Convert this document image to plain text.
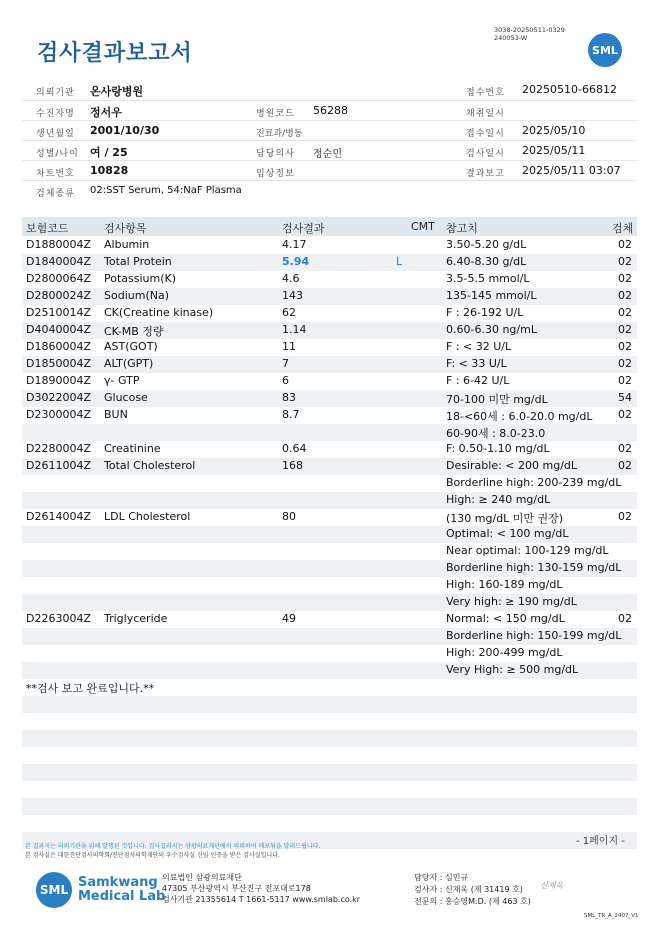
검사결과보고서
3038-20250511-0329
240053-W
SML
의뢰기관 온사랑병원	접수번호 20250510-66812
수진자명 정서우	병원코드 56288	채취일시
생년월일 2001/10/30	진료과/병동	접수일시 2025/05/10
성별/나이 여 / 25	담당의사 정순민	검사일시 2025/05/11
차트번호 10828	임상정보	결과보고 2025/05/11 03:07
검체종류 02:SST Serum, 54:NaF Plasma
보험코드	검사항목	검사결과	CMT 참고치	검체
D1880004Z Albumin	4.17	3.50-5.20 g/dL	02
D1840004Z Total Protein	5.94	L	6.40-8.30 g/dL	02
D2800064Z Potassium(K)	4.6	3.5-5.5 mmol/L	02
D2800024Z Sodium(Na)	143	135-145 mmol/L	02
D2510014Z CK(Creatine kinase)	62	F : 26-192 U/L	02
D4040004Z CK-MB 정량	1.14	0.60-6.30 ng/mL	02
D1860004Z AST(GOT)	11	F : < 32 U/L	02
D1850004Z ALT(GPT)	7	F: < 33 U/L	02
D1890004Z γ- GTP	6	F : 6-42 U/L	02
D3022004Z Glucose	83	70-100 미만 mg/dL	54
D2300004Z BUN	8.7	18-<60세 : 6.0-20.0 mg/dL 02
60-90세 : 8.0-23.0
D2280004Z Creatinine	0.64	F: 0.50-1.10 mg/dL	02
D2611004Z Total Cholesterol	168	Desirable: < 200 mg/dL	02
Borderline high: 200-239 mg/dL
High: ≥ 240 mg/dL
D2614004Z LDL Cholesterol	80	(130 mg/dL 미만 권장)	02
Optimal: < 100 mg/dL
Near optimal: 100-129 mg/dL
Borderline high: 130-159 mg/dL
High: 160-189 mg/dL
Very high: ≥ 190 mg/dL
D2263004Z Triglyceride	49	Normal: < 150 mg/dL	02
Borderline high: 150-199 mg/dL
High: 200-499 mg/dL
Very High: ≥ 500 mg/dL
**검사 보고 완료입니다.**
본 결과지는 의뢰기관을 위해 발행된 것입니다. 검사결과지는 삼광의료재단에서 의뢰하여 배포됨을 알려드립니다.
본 검사실은 대한진단검사의학회/진단검사의학재단의 우수검사실 신임 인증을 받은 검사실입니다.
- 1페이지 -
SML Samkwang
Medical Lab
의료법인 삼광의료재단
47305 부산광역시 부산진구 전포대로178
검사기관 21355614 T 1661-5117 www.smlab.co.kr
담당자 : 심민규
검사자 : 신재욱 (제 31419 호)
전문의 : 홍승영M.D. (제 463 호)
신재욱
SML_TR_A_2407_V1
